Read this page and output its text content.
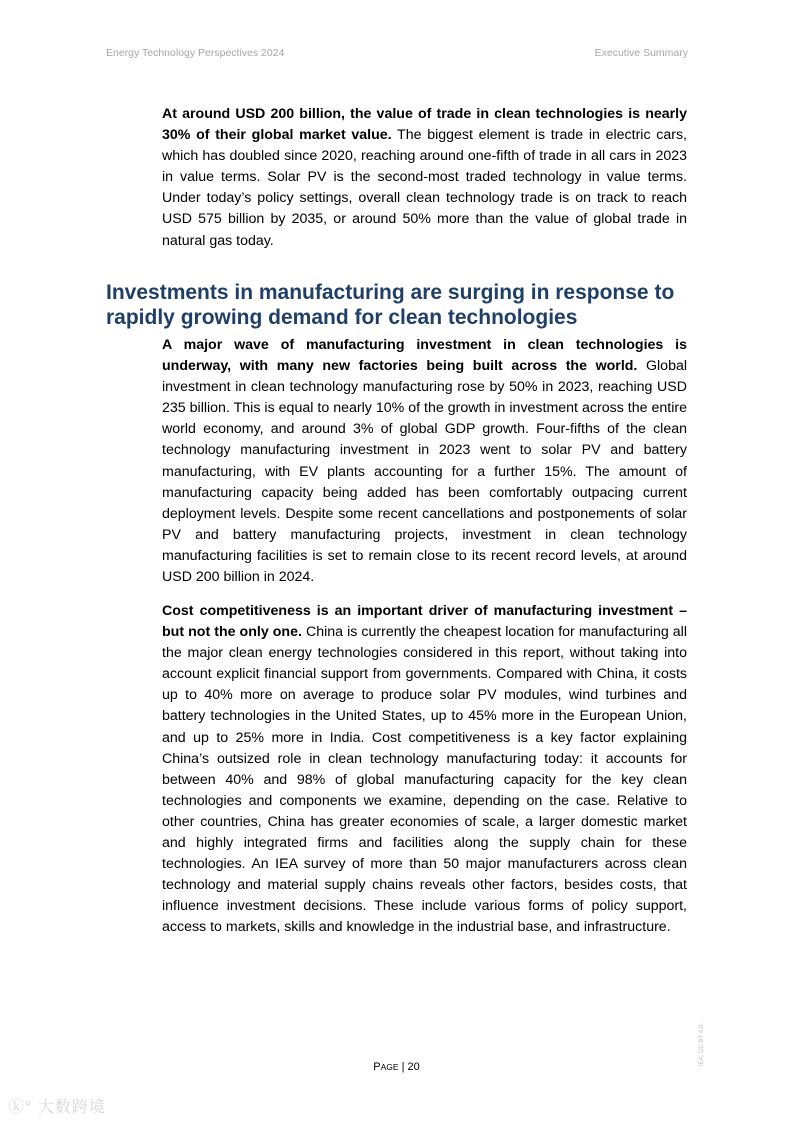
Energy Technology Perspectives 2024	Executive Summary

At around USD 200 billion, the value of trade in clean technologies is nearly 30% of their global market value. The biggest element is trade in electric cars, which has doubled since 2020, reaching around one-fifth of trade in all cars in 2023 in value terms. Solar PV is the second-most traded technology in value terms. Under today’s policy settings, overall clean technology trade is on track to reach USD 575 billion by 2035, or around 50% more than the value of global trade in natural gas today.

Investments in manufacturing are surging in response to rapidly growing demand for clean technologies

A major wave of manufacturing investment in clean technologies is underway, with many new factories being built across the world. Global investment in clean technology manufacturing rose by 50% in 2023, reaching USD 235 billion. This is equal to nearly 10% of the growth in investment across the entire world economy, and around 3% of global GDP growth. Four-fifths of the clean technology manufacturing investment in 2023 went to solar PV and battery manufacturing, with EV plants accounting for a further 15%. The amount of manufacturing capacity being added has been comfortably outpacing current deployment levels. Despite some recent cancellations and postponements of solar PV and battery manufacturing projects, investment in clean technology manufacturing facilities is set to remain close to its recent record levels, at around USD 200 billion in 2024.

Cost competitiveness is an important driver of manufacturing investment – but not the only one. China is currently the cheapest location for manufacturing all the major clean energy technologies considered in this report, without taking into account explicit financial support from governments. Compared with China, it costs up to 40% more on average to produce solar PV modules, wind turbines and battery technologies in the United States, up to 45% more in the European Union, and up to 25% more in India. Cost competitiveness is a key factor explaining China’s outsized role in clean technology manufacturing today: it accounts for between 40% and 98% of global manufacturing capacity for the key clean technologies and components we examine, depending on the case. Relative to other countries, China has greater economies of scale, a larger domestic market and highly integrated firms and facilities along the supply chain for these technologies. An IEA survey of more than 50 major manufacturers across clean technology and material supply chains reveals other factors, besides costs, that influence investment decisions. These include various forms of policy support, access to markets, skills and knowledge in the industrial base, and infrastructure.

PAGE | 20
IEA. CC BY 4.0.
ⓚ° 大数跨境
